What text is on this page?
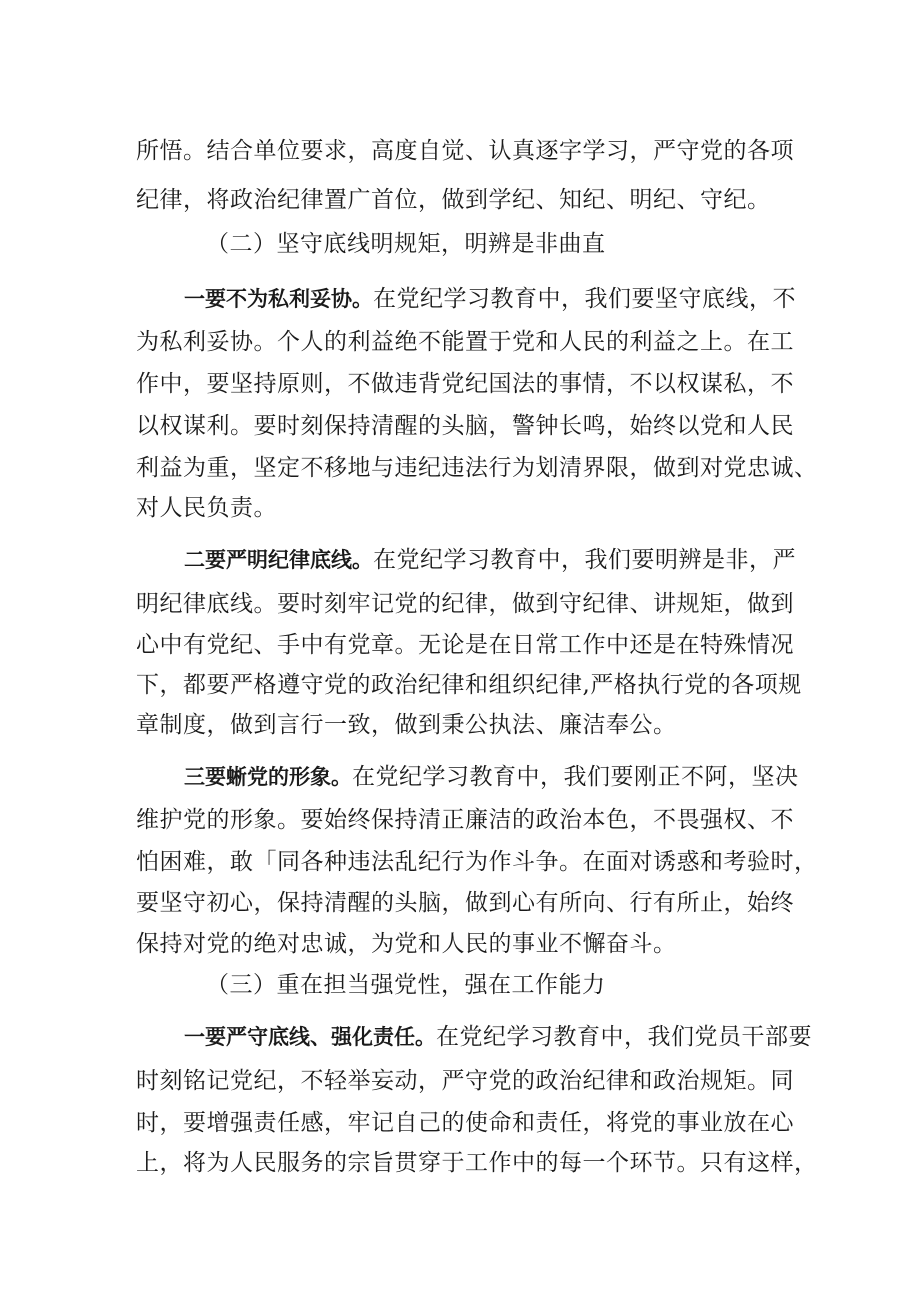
所悟。结合单位要求，高度自觉、认真逐字学习，严守党的各项
纪律，将政治纪律置广首位，做到学纪、知纪、明纪、守纪。
（二）坚守底线明规矩，明辨是非曲直
一要不为私利妥协。在党纪学习教育中，我们要坚守底线，不
为私利妥协。个人的利益绝不能置于党和人民的利益之上。在工
作中，要坚持原则，不做违背党纪国法的事情，不以权谋私，不
以权谋利。要时刻保持清醒的头脑，警钟长鸣，始终以党和人民
利益为重，坚定不移地与违纪违法行为划清界限，做到对党忠诚、
对人民负责。
二要严明纪律底线。在党纪学习教育中，我们要明辨是非，严
明纪律底线。要时刻牢记党的纪律，做到守纪律、讲规矩，做到
心中有党纪、手中有党章。无论是在日常工作中还是在特殊情况
下，都要严格遵守党的政治纪律和组织纪律,严格执行党的各项规
章制度，做到言行一致，做到秉公执法、廉洁奉公。
三要蜥党的形象。在党纪学习教育中，我们要刚正不阿，坚决
维护党的形象。要始终保持清正廉洁的政治本色，不畏强权、不
怕困难，敢「同各种违法乱纪行为作斗争。在面对诱惑和考验时，
要坚守初心，保持清醒的头脑，做到心有所向、行有所止，始终
保持对党的绝对忠诚，为党和人民的事业不懈奋斗。
（三）重在担当强党性，强在工作能力
一要严守底线、强化责任。在党纪学习教育中，我们党员干部要
时刻铭记党纪，不轻举妄动，严守党的政治纪律和政治规矩。同
时，要增强责任感，牢记自己的使命和责任，将党的事业放在心
上，将为人民服务的宗旨贯穿于工作中的每一个环节。只有这样，
